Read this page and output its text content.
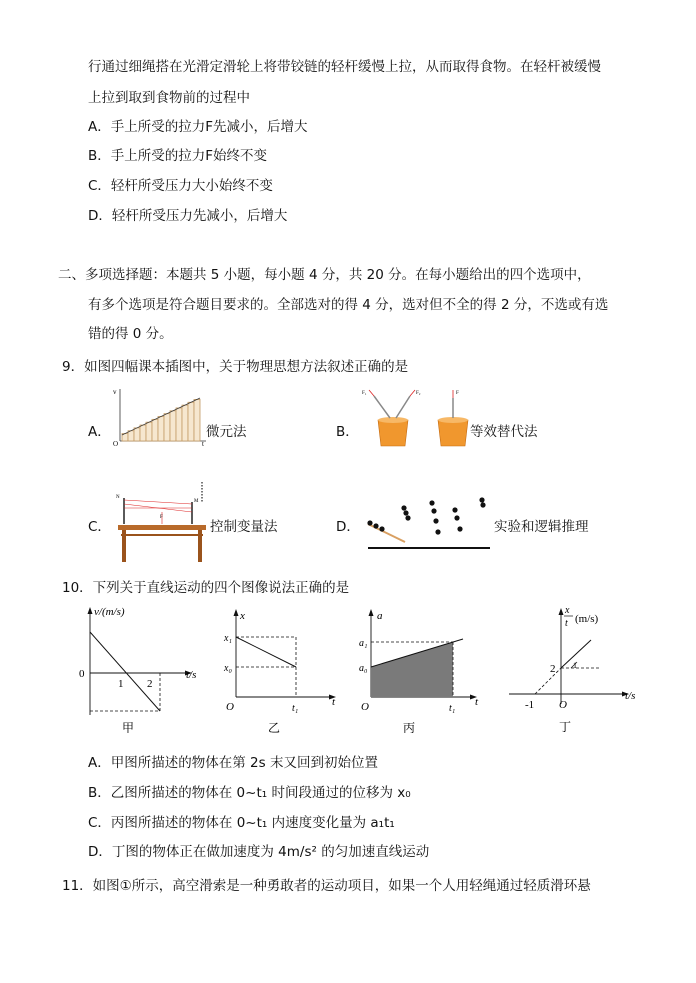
行通过细绳搭在光滑定滑轮上将带铰链的轻杆缓慢上拉，从而取得食物。在轻杆被缓慢
上拉到取到食物前的过程中
A．手上所受的拉力F先减小，后增大
B．手上所受的拉力F始终不变
C．轻杆所受压力大小始终不变
D．轻杆所受压力先减小，后增大
二、多项选择题：本题共 5 小题，每小题 4 分，共 20 分。在每小题给出的四个选项中，
有多个选项是符合题目要求的。全部选对的得 4 分，选对但不全的得 2 分，不选或有选
错的得 0 分。
9．如图四幅课本插图中，关于物理思想方法叙述正确的是
A．
v
t
O
微元法	B．
F₁	F₂	F
等效替代法
C．
N
M
F
控制变量法	D．	实验和逻辑推理
10．下列关于直线运动的四个图像说法正确的是
v/(m/s)
t/s
0
1 2
甲
x
t
x₁
x₀
O	t₁
乙
a
t
a₁
a₀
O	t₁
丙
x
t (m/s)
t/s
2 1
O
-1
丁
A．甲图所描述的物体在第 2s 末又回到初始位置
B．乙图所描述的物体在 0~t₁ 时间段通过的位移为 x₀
C．丙图所描述的物体在 0~t₁ 内速度变化量为 a₁t₁
D．丁图的物体正在做加速度为 4m/s² 的匀加速直线运动
11．如图①所示，高空滑索是一种勇敢者的运动项目，如果一个人用轻绳通过轻质滑环悬
